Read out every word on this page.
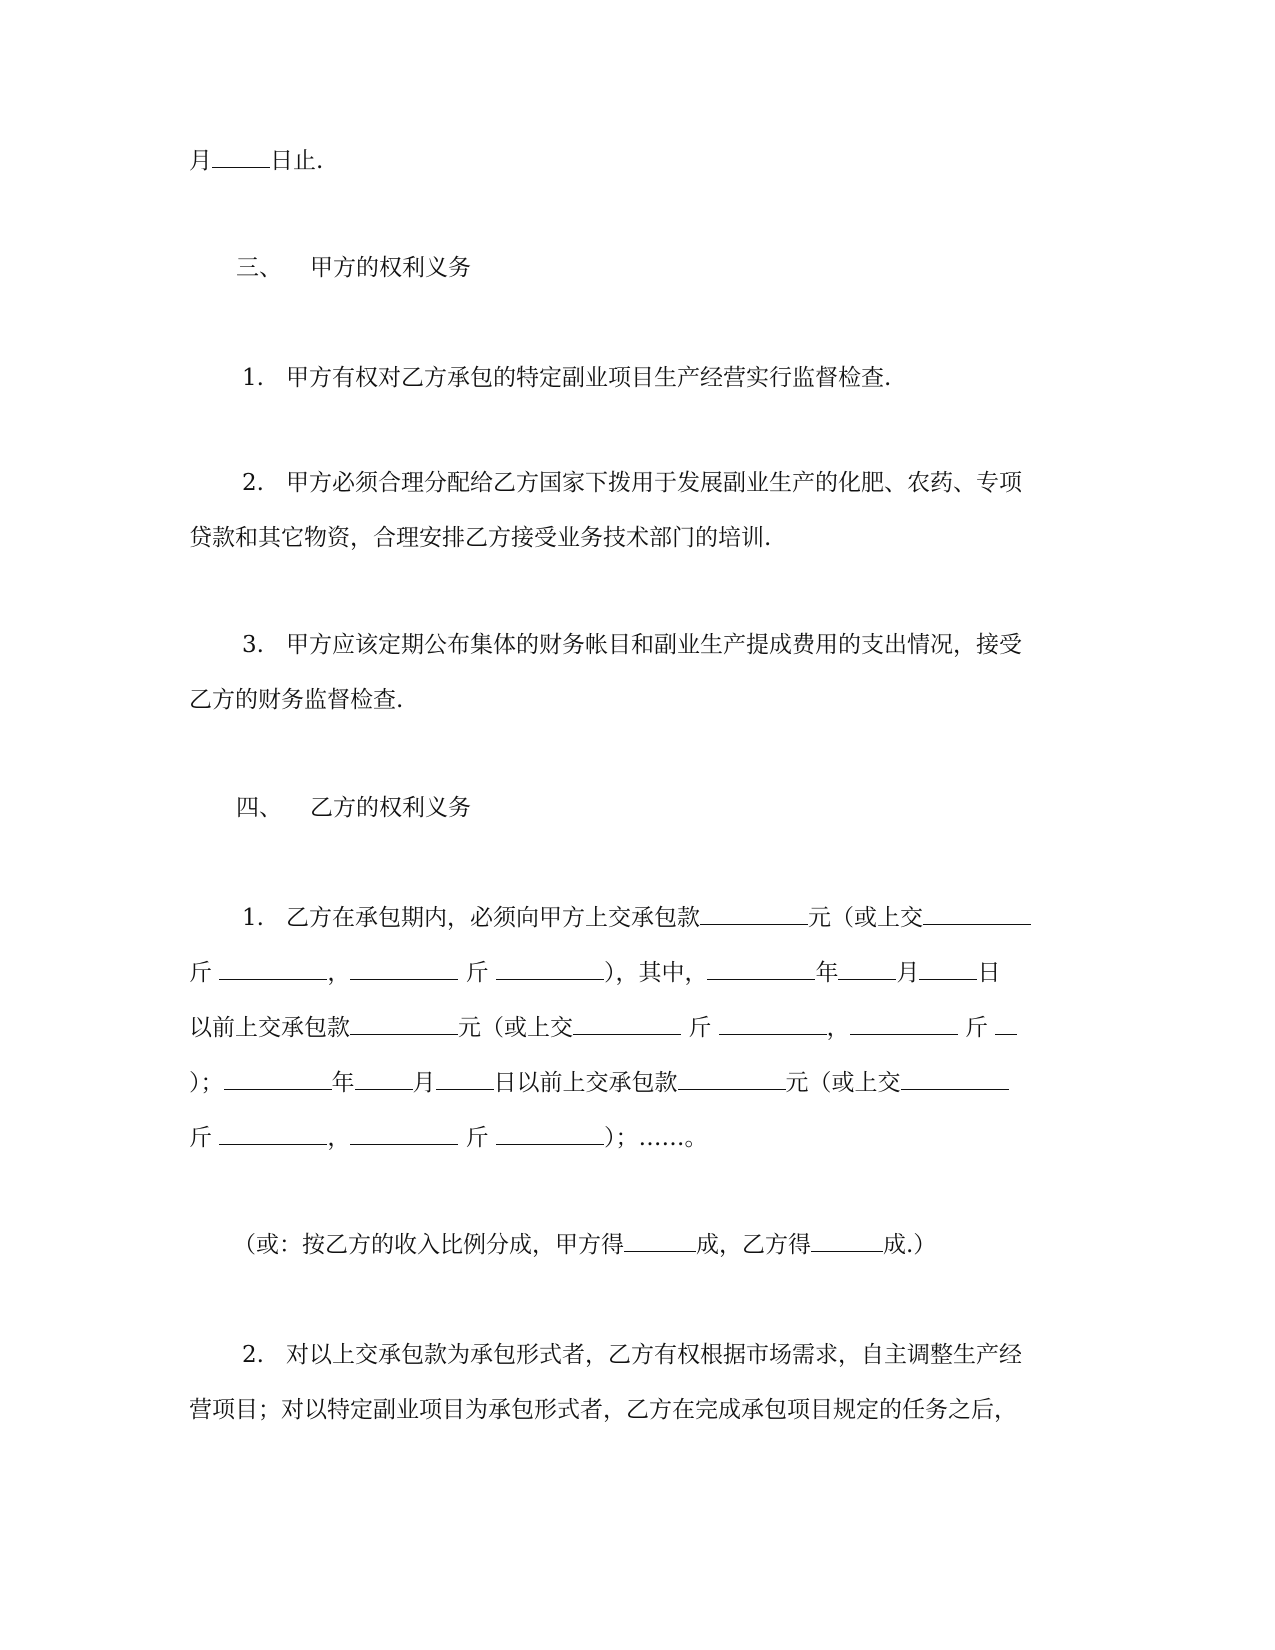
月	日止.
三、 甲方的权利义务
1. 甲方有权对乙方承包的特定副业项目生产经营实行监督检查.
2. 甲方必须合理分配给乙方国家下拨用于发展副业生产的化肥、农药、专项
贷款和其它物资，合理安排乙方接受业务技术部门的培训.
3. 甲方应该定期公布集体的财务帐目和副业生产提成费用的支出情况，接受
乙方的财务监督检查.
四、 乙方的权利义务
1. 乙方在承包期内，必须向甲方上交承包款	元（或上交
斤	，	斤	），其中，	年	月	日
以前上交承包款	元（或上交	斤	，	斤
）；	年	月	日以前上交承包款	元（或上交
斤	，	斤	）；……。
（或：按乙方的收入比例分成，甲方得	成，乙方得	成.）
2. 对以上交承包款为承包形式者，乙方有权根据市场需求，自主调整生产经
营项目；对以特定副业项目为承包形式者，乙方在完成承包项目规定的任务之后，
